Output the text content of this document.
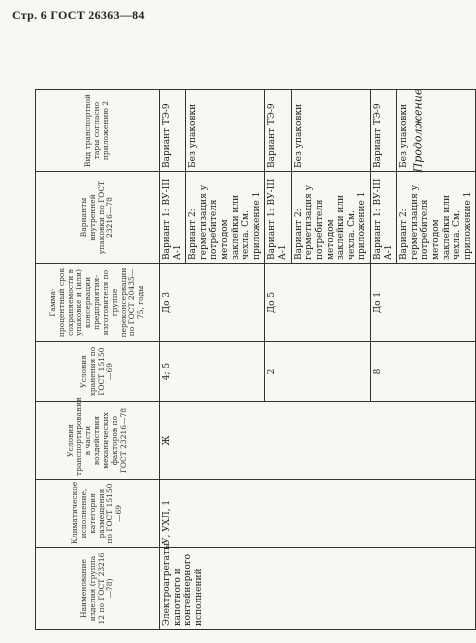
Стр. 6 ГОСТ 26363—84
Продолжение
Наименование изделия (группа 12 по ГОСТ 23216—78)	Климатическое исполнение, категория размещения по ГОСТ 15150—69	Условия транспортирования в части воздействия механических факторов по ГОСТ 23216—78	Условия хранения по ГОСТ 15150—69	Гамма-процентный срок сохраняемости в упаковке и (или) консервации предприятия-изготовителя по группе переконсервации по ГОСТ 20435—75, годы	Варианты внутренней упаковки по ГОСТ 23216—78	Вид транспортной тары согласно приложению 2
Электроагрегаты капотного и контейнерного исполнений	У, УХЛ, 1	Ж	4; 5	До 3	Вариант 1: ВУ-III А-1	Вариант ТЭ-9
					Вариант 2: герметизация у потребителя методом заклейки или чехла. См. приложение 1	Без упаковки
			2	До 5	Вариант 1: ВУ-III А-1	Вариант ТЭ-9
					Вариант 2: герметизация у потребителя методом заклейки или чехла. См. приложение 1	Без упаковки
			8	До 1	Вариант 1: ВУ-III А-1	Вариант ТЭ-9
					Вариант 2: герметизация у потребителя методом заклейки или чехла. См. приложение 1	Без упаковки
